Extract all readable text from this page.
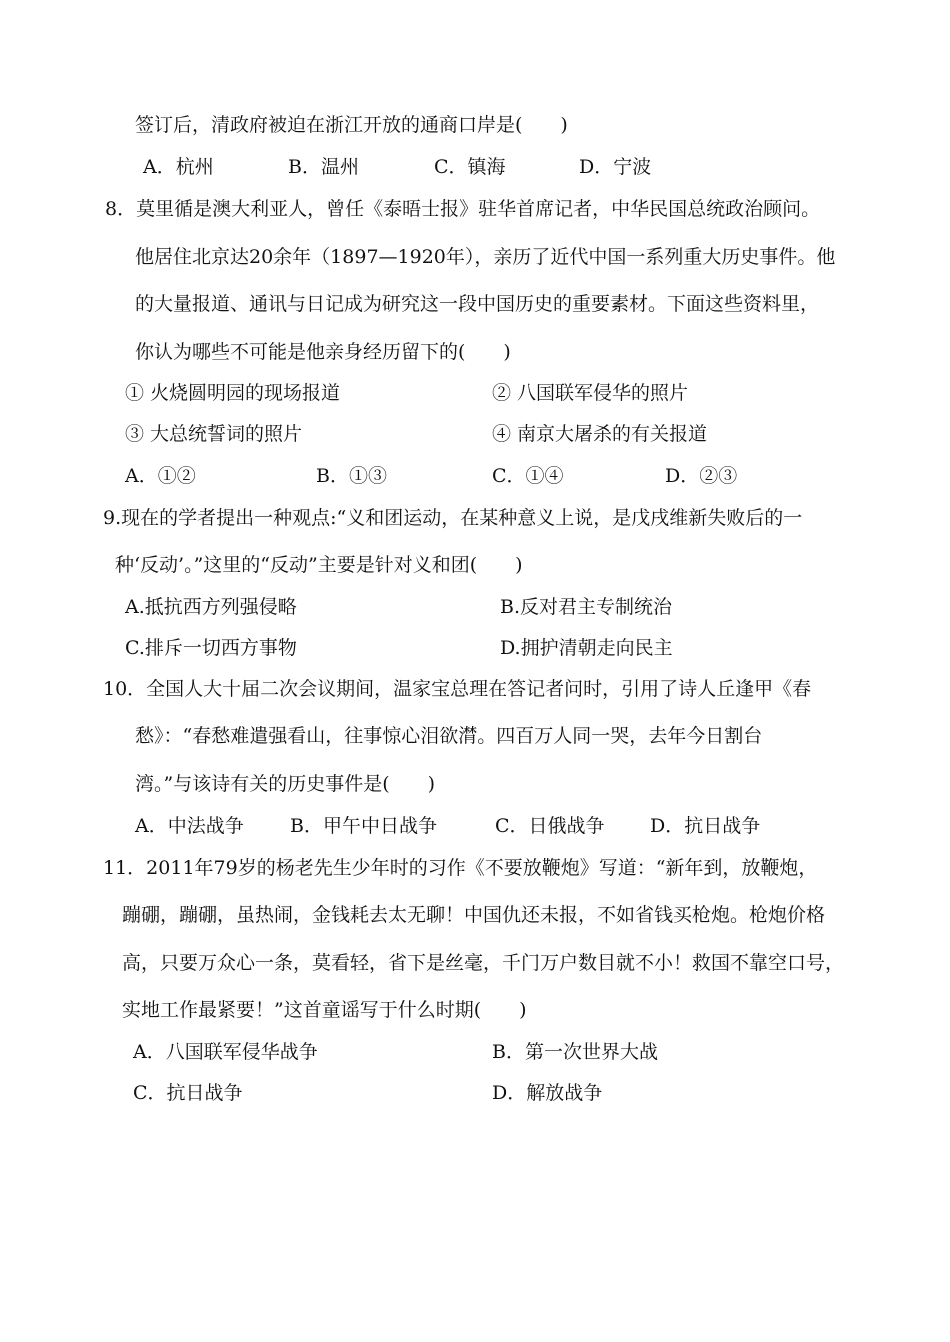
签订后，清政府被迫在浙江开放的通商口岸是(　　)
A．杭州	B．温州	C．镇海	D．宁波
8．莫里循是澳大利亚人，曾任《泰晤士报》驻华首席记者，中华民国总统政治顾问。
他居住北京达20余年（1897—1920年），亲历了近代中国一系列重大历史事件。他
的大量报道、通讯与日记成为研究这一段中国历史的重要素材。下面这些资料里，
你认为哪些不可能是他亲身经历留下的(　　)
① 火烧圆明园的现场报道	② 八国联军侵华的照片
③ 大总统誓词的照片	④ 南京大屠杀的有关报道
A．①②	B．①③	C．①④	D．②③
9.现在的学者提出一种观点:“义和团运动，在某种意义上说，是戊戌维新失败后的一
种‘反动’。”这里的“反动”主要是针对义和团(　　)
A.抵抗西方列强侵略	B.反对君主专制统治
C.排斥一切西方事物	D.拥护清朝走向民主
10．全国人大十届二次会议期间，温家宝总理在答记者问时，引用了诗人丘逢甲《春
愁》：“春愁难遣强看山，往事惊心泪欲潸。四百万人同一哭，去年今日割台
湾。”与该诗有关的历史事件是(　　)
A．中法战争 B．甲午中日战争	C．日俄战争 D．抗日战争
11．2011年79岁的杨老先生少年时的习作《不要放鞭炮》写道：“新年到，放鞭炮，
蹦硼，蹦硼，虽热闹，金钱耗去太无聊！中国仇还未报，不如省钱买枪炮。枪炮价格
高，只要万众心一条，莫看轻，省下是丝毫，千门万户数目就不小！救国不靠空口号，
实地工作最紧要！”这首童谣写于什么时期(　　)
A．八国联军侵华战争	B．第一次世界大战
C．抗日战争	D．解放战争
